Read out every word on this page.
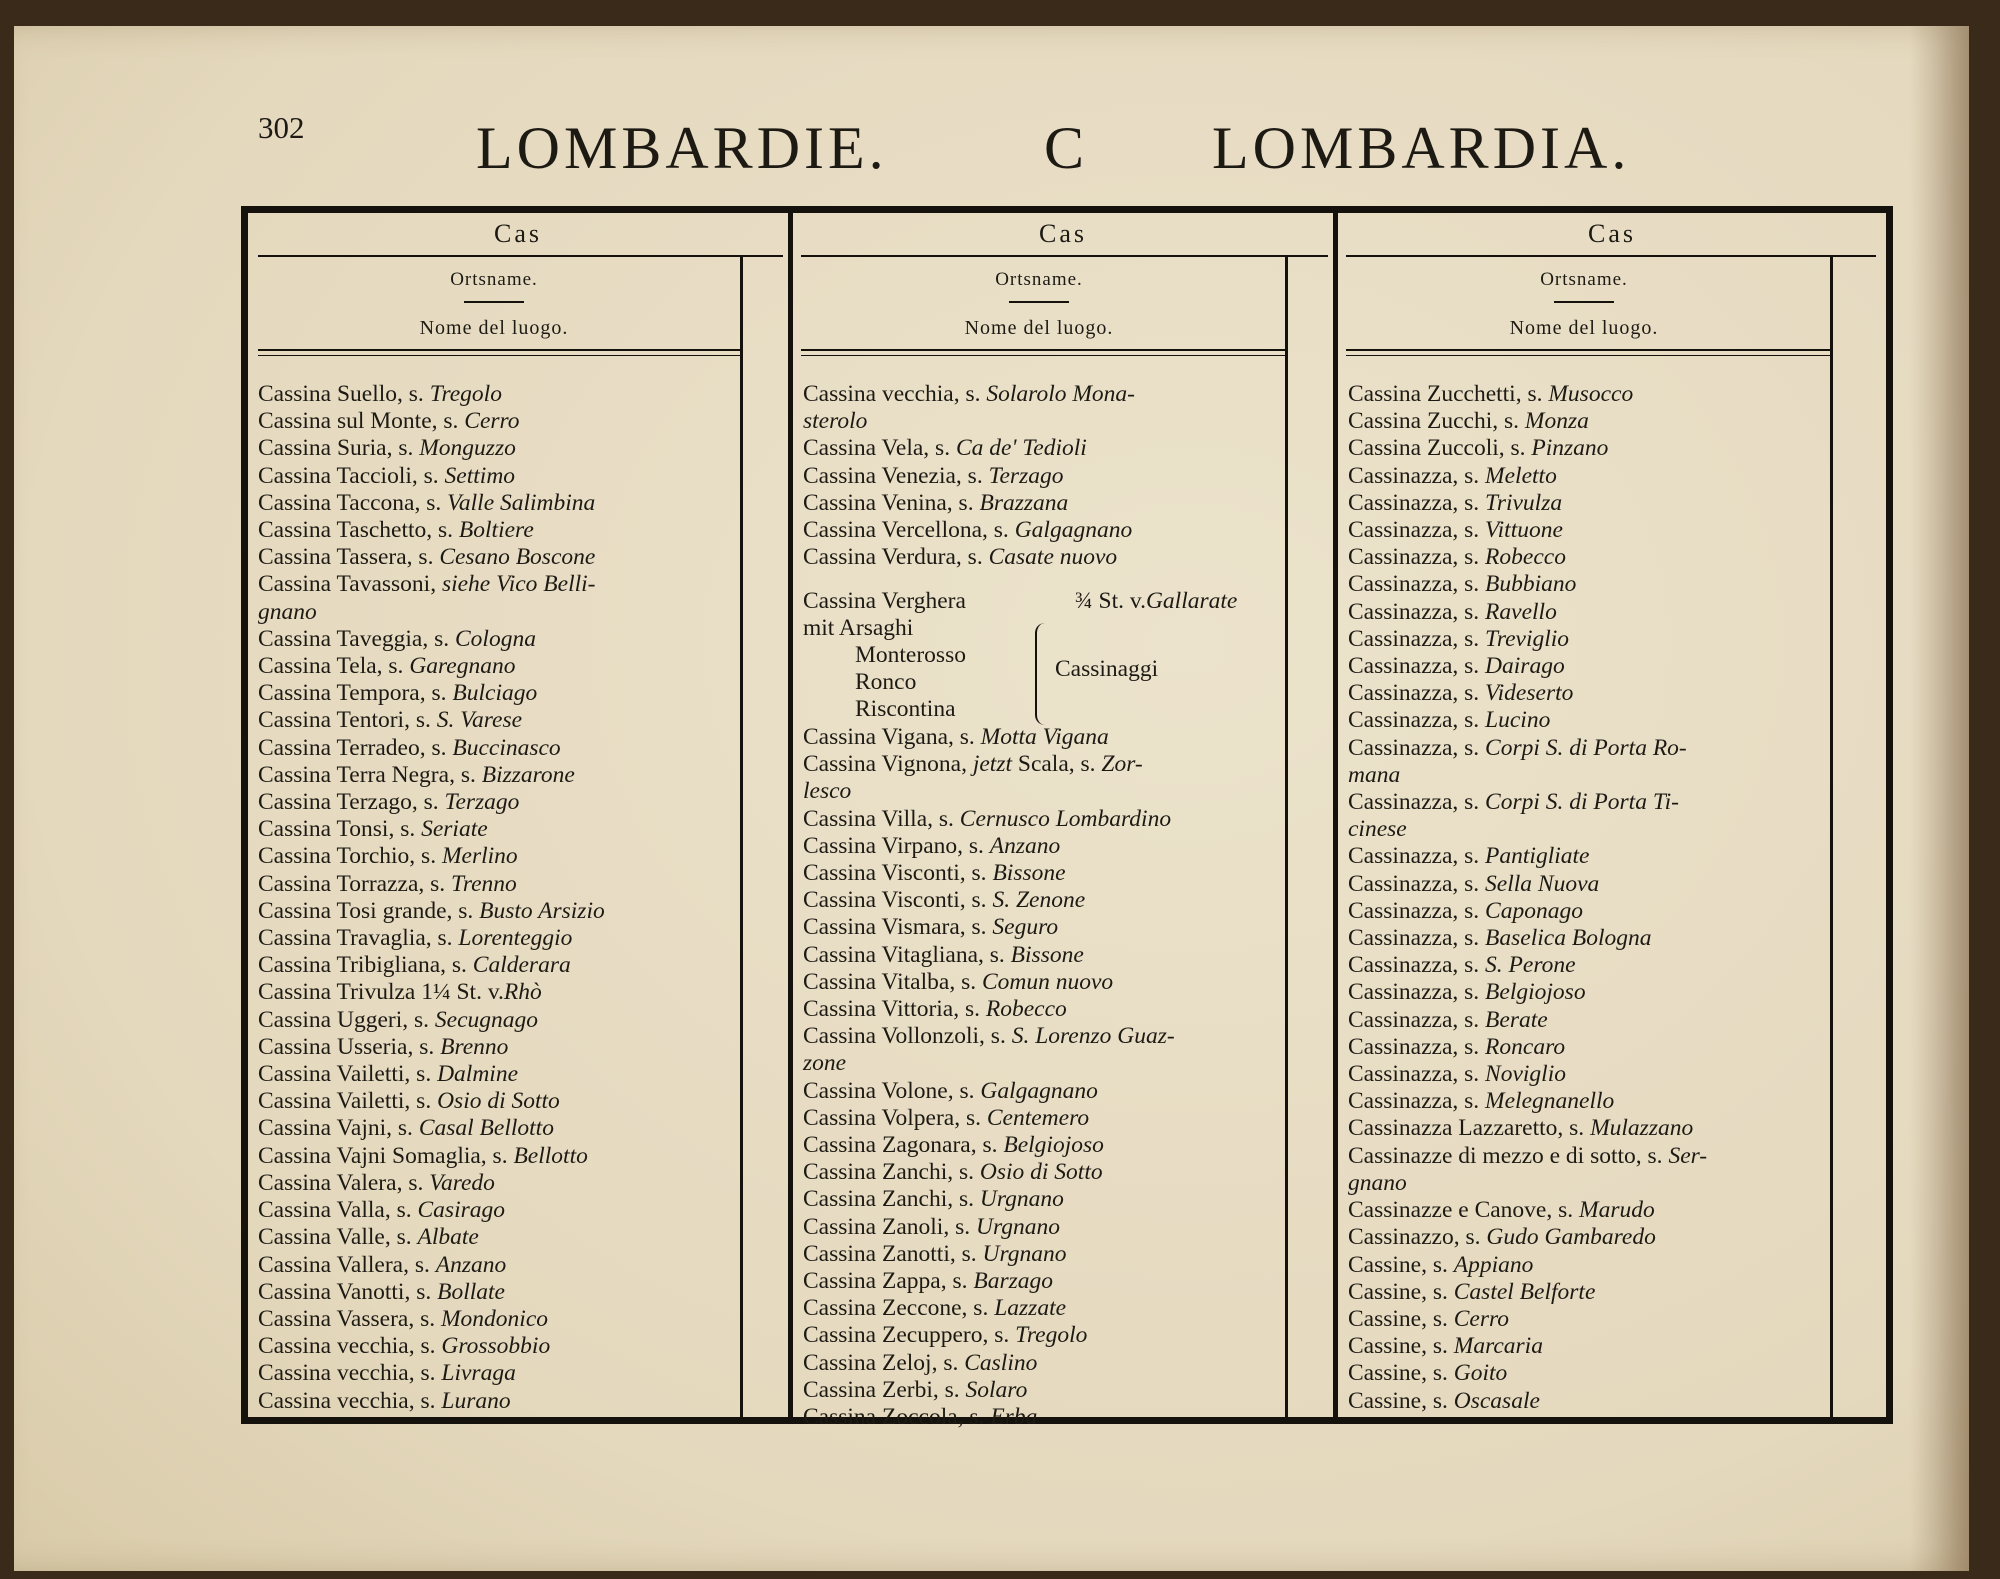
302	LOMBARDIE.	C LOMBARDIA.
Cas
Ortsname.
Nome del luogo.
Cassina Suello, s. Tregolo
Cassina sul Monte, s. Cerro
Cassina Suria, s. Monguzzo
Cassina Taccioli, s. Settimo
Cassina Taccona, s. Valle Salimbina
Cassina Taschetto, s. Boltiere
Cassina Tassera, s. Cesano Boscone
Cassina Tavassoni, siehe Vico Belli-
gnano
Cassina Taveggia, s. Cologna
Cassina Tela, s. Garegnano
Cassina Tempora, s. Bulciago
Cassina Tentori, s. S. Varese
Cassina Terradeo, s. Buccinasco
Cassina Terra Negra, s. Bizzarone
Cassina Terzago, s. Terzago
Cassina Tonsi, s. Seriate
Cassina Torchio, s. Merlino
Cassina Torrazza, s. Trenno
Cassina Tosi grande, s. Busto Arsizio
Cassina Travaglia, s. Lorenteggio
Cassina Tribigliana, s. Calderara
Cassina Trivulza 1¼ St. v.Rhò
Cassina Uggeri, s. Secugnago
Cassina Usseria, s. Brenno
Cassina Vailetti, s. Dalmine
Cassina Vailetti, s. Osio di Sotto
Cassina Vajni, s. Casal Bellotto
Cassina Vajni Somaglia, s. Bellotto
Cassina Valera, s. Varedo
Cassina Valla, s. Casirago
Cassina Valle, s. Albate
Cassina Vallera, s. Anzano
Cassina Vanotti, s. Bollate
Cassina Vassera, s. Mondonico
Cassina vecchia, s. Grossobbio
Cassina vecchia, s. Livraga
Cassina vecchia, s. Lurano
Cas
Ortsname.
Nome del luogo.
Cassina vecchia, s. Solarolo Mona-
sterolo
Cassina Vela, s. Ca de' Tedioli
Cassina Venezia, s. Terzago
Cassina Venina, s. Brazzana
Cassina Vercellona, s. Galgagnano
Cassina Verdura, s. Casate nuovo
Cassina Verghera	¾ St. v.Gallarate
mit Arsaghi
Monterosso
Ronco
Riscontina
Cassinaggi
Cassina Vigana, s. Motta Vigana
Cassina Vignona, jetzt Scala, s. Zor-
lesco
Cassina Villa, s. Cernusco Lombardino
Cassina Virpano, s. Anzano
Cassina Visconti, s. Bissone
Cassina Visconti, s. S. Zenone
Cassina Vismara, s. Seguro
Cassina Vitagliana, s. Bissone
Cassina Vitalba, s. Comun nuovo
Cassina Vittoria, s. Robecco
Cassina Vollonzoli, s. S. Lorenzo Guaz-
zone
Cassina Volone, s. Galgagnano
Cassina Volpera, s. Centemero
Cassina Zagonara, s. Belgiojoso
Cassina Zanchi, s. Osio di Sotto
Cassina Zanchi, s. Urgnano
Cassina Zanoli, s. Urgnano
Cassina Zanotti, s. Urgnano
Cassina Zappa, s. Barzago
Cassina Zeccone, s. Lazzate
Cassina Zecuppero, s. Tregolo
Cassina Zeloj, s. Caslino
Cassina Zerbi, s. Solaro
Cassina Zoccola, s. Erba
Cas
Ortsname.
Nome del luogo.
Cassina Zucchetti, s. Musocco
Cassina Zucchi, s. Monza
Cassina Zuccoli, s. Pinzano
Cassinazza, s. Meletto
Cassinazza, s. Trivulza
Cassinazza, s. Vittuone
Cassinazza, s. Robecco
Cassinazza, s. Bubbiano
Cassinazza, s. Ravello
Cassinazza, s. Treviglio
Cassinazza, s. Dairago
Cassinazza, s. Videserto
Cassinazza, s. Lucino
Cassinazza, s. Corpi S. di Porta Ro-
mana
Cassinazza, s. Corpi S. di Porta Ti-
cinese
Cassinazza, s. Pantigliate
Cassinazza, s. Sella Nuova
Cassinazza, s. Caponago
Cassinazza, s. Baselica Bologna
Cassinazza, s. S. Perone
Cassinazza, s. Belgiojoso
Cassinazza, s. Berate
Cassinazza, s. Roncaro
Cassinazza, s. Noviglio
Cassinazza, s. Melegnanello
Cassinazza Lazzaretto, s. Mulazzano
Cassinazze di mezzo e di sotto, s. Ser-
gnano
Cassinazze e Canove, s. Marudo
Cassinazzo, s. Gudo Gambaredo
Cassine, s. Appiano
Cassine, s. Castel Belforte
Cassine, s. Cerro
Cassine, s. Marcaria
Cassine, s. Goito
Cassine, s. Oscasale
